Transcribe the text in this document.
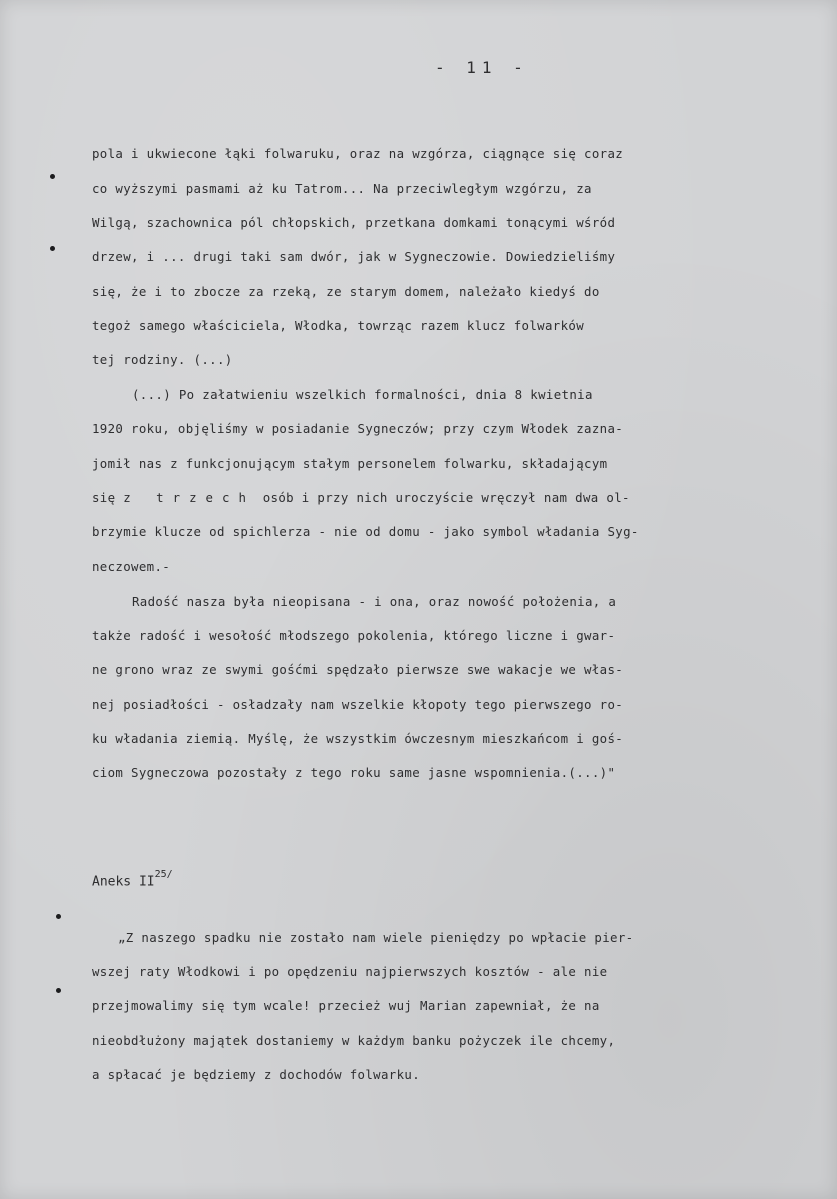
- 11 -
pola i ukwiecone łąki folwaruku, oraz na wzgórza, ciągnące się coraz
co wyższymi pasmami aż ku Tatrom... Na przeciwległym wzgórzu, za
Wilgą, szachownica pól chłopskich, przetkana domkami tonącymi wśród
drzew, i ... drugi taki sam dwór, jak w Sygneczowie. Dowiedzieliśmy
się, że i to zbocze za rzeką, ze starym domem, należało kiedyś do
tegoż samego właściciela, Włodka, towrząc razem klucz folwarków
tej rodziny. (...)
(...) Po załatwieniu wszelkich formalności, dnia 8 kwietnia
1920 roku, objęliśmy w posiadanie Sygneczów; przy czym Włodek zazna-
jomił nas z funkcjonującym stałym personelem folwarku, składającym
się z trzech osób i przy nich uroczyście wręczył nam dwa ol-
brzymie klucze od spichlerza - nie od domu - jako symbol władania Syg-
neczowem.-
Radość nasza była nieopisana - i ona, oraz nowość położenia, a
także radość i wesołość młodszego pokolenia, którego liczne i gwar-
ne grono wraz ze swymi gośćmi spędzało pierwsze swe wakacje we włas-
nej posiadłości - osładzały nam wszelkie kłopoty tego pierwszego ro-
ku władania ziemią. Myślę, że wszystkim ówczesnym mieszkańcom i goś-
ciom Sygneczowa pozostały z tego roku same jasne wspomnienia.(...)"
Aneks $II^{25/}$
„Z naszego spadku nie zostało nam wiele pieniędzy po wpłacie pier-
wszej raty Włodkowi i po opędzeniu najpierwszych kosztów - ale nie
przejmowalimy się tym wcale! przecież wuj Marian zapewniał, że na
nieobdłużony majątek dostaniemy w każdym banku pożyczek ile chcemy,
a spłacać je będziemy z dochodów folwarku.
